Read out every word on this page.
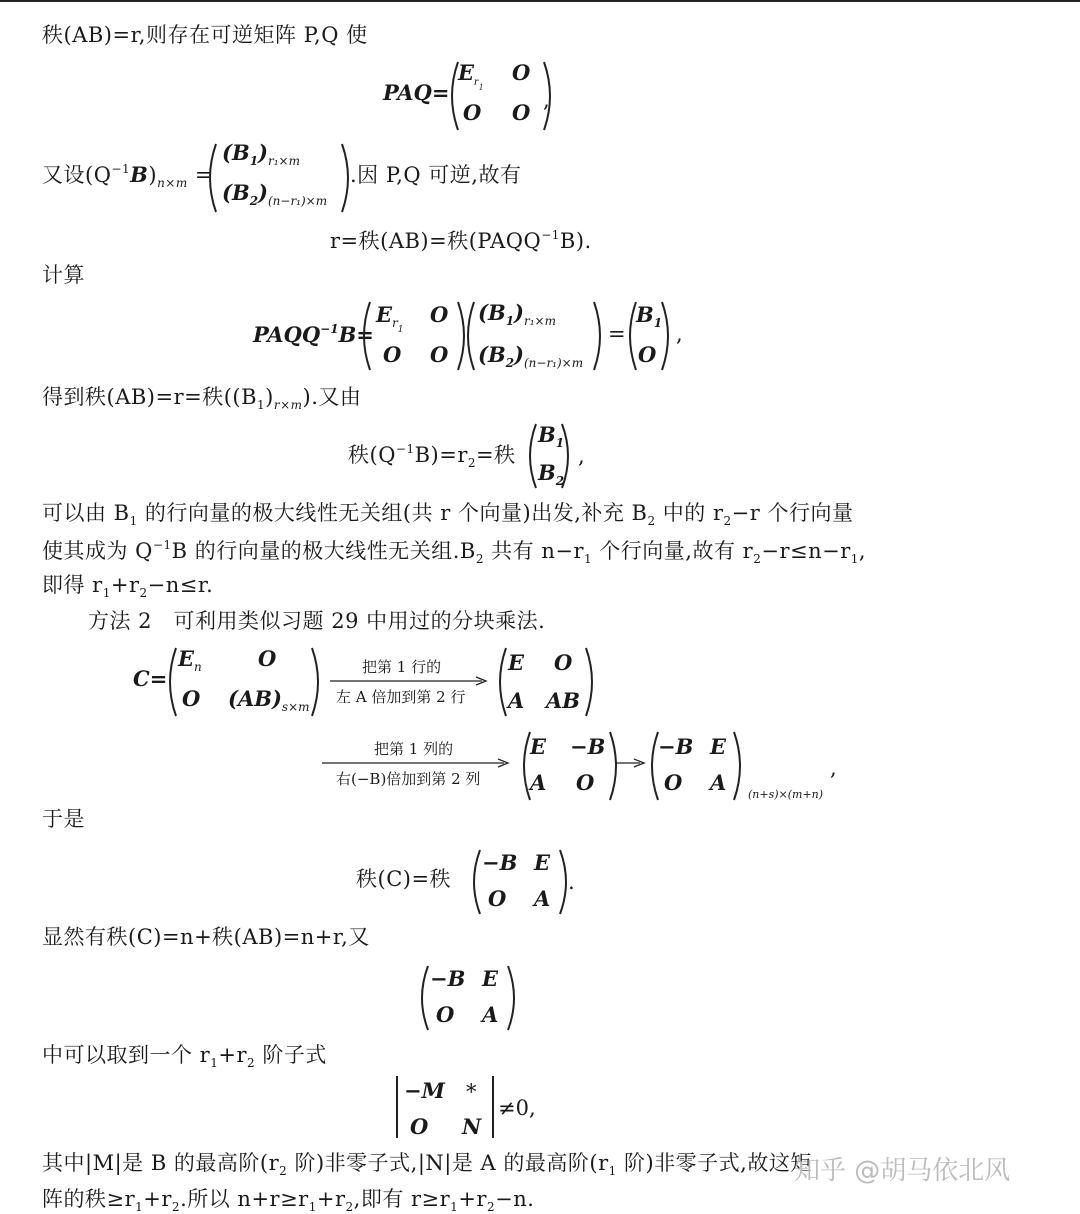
秩(AB)=r,则存在可逆矩阵 P,Q 使
PAQ=
$E_{r_1}$
O
O O ,
又设$(Q^{-1}B)_{n\times m}$ =
$(B_1)_{r_1\times m}$
$(B_2)_{(n-r_1)\times m}$
.因 P,Q 可逆,故有
r=秩(AB)=秩$(PAQQ^{-1}B)$.
计算
$PAQQ^{-1}B=$
$E_{r_1}$
O
O O
$(B_1)_{r_1\times m}$
$(B_2)_{(n-r_1)\times m}$
=
$B_1$
O
,
得到秩(AB)=r=秩$((B_1)_{r\times m})$.又由
秩$(Q^{-1}B)=r_2=$秩
$B_1$
$B_2$
,
可以由 $B_1$ 的行向量的极大线性无关组(共 r 个向量)出发,补充 $B_2$ 中的 $r_2-r$ 个行向量
使其成为 $Q^{-1}B$ 的行向量的极大线性无关组$.B_2$ 共有 $n-r_1$ 个行向量,故有 $r_2-r\le n-r_1$,
即得 $r_1+r_2-n\le r$.
方法 2　可利用类似习题 29 中用过的分块乘法.
C=
$E_n$	O
O $(AB)_{s\times m}$
把第 1 行的
左 A 倍加到第 2 行
E O
A AB
把第 1 列的
右(−B)倍加到第 2 列
E −B
A O
−B E
O A (n+s)×(m+n)
,
于是
秩(C)=秩
−B E
O A
.
显然有秩(C)=n+秩(AB)=n+r,又
−B E
O A
中可以取到一个 $r_1+r_2$ 阶子式
−M *
O N
≠0,
其中|M|是 B 的最高阶($r_2$ 阶)非零子式,|N|是 A 的最高阶($r_1$ 阶)非零子式,故这矩
阵的秩$\ge r_1+r_2$.所以 $n+r\ge r_1+r_2$,即有 $r\ge r_1+r_2-n$.
知乎 @胡马依北风
